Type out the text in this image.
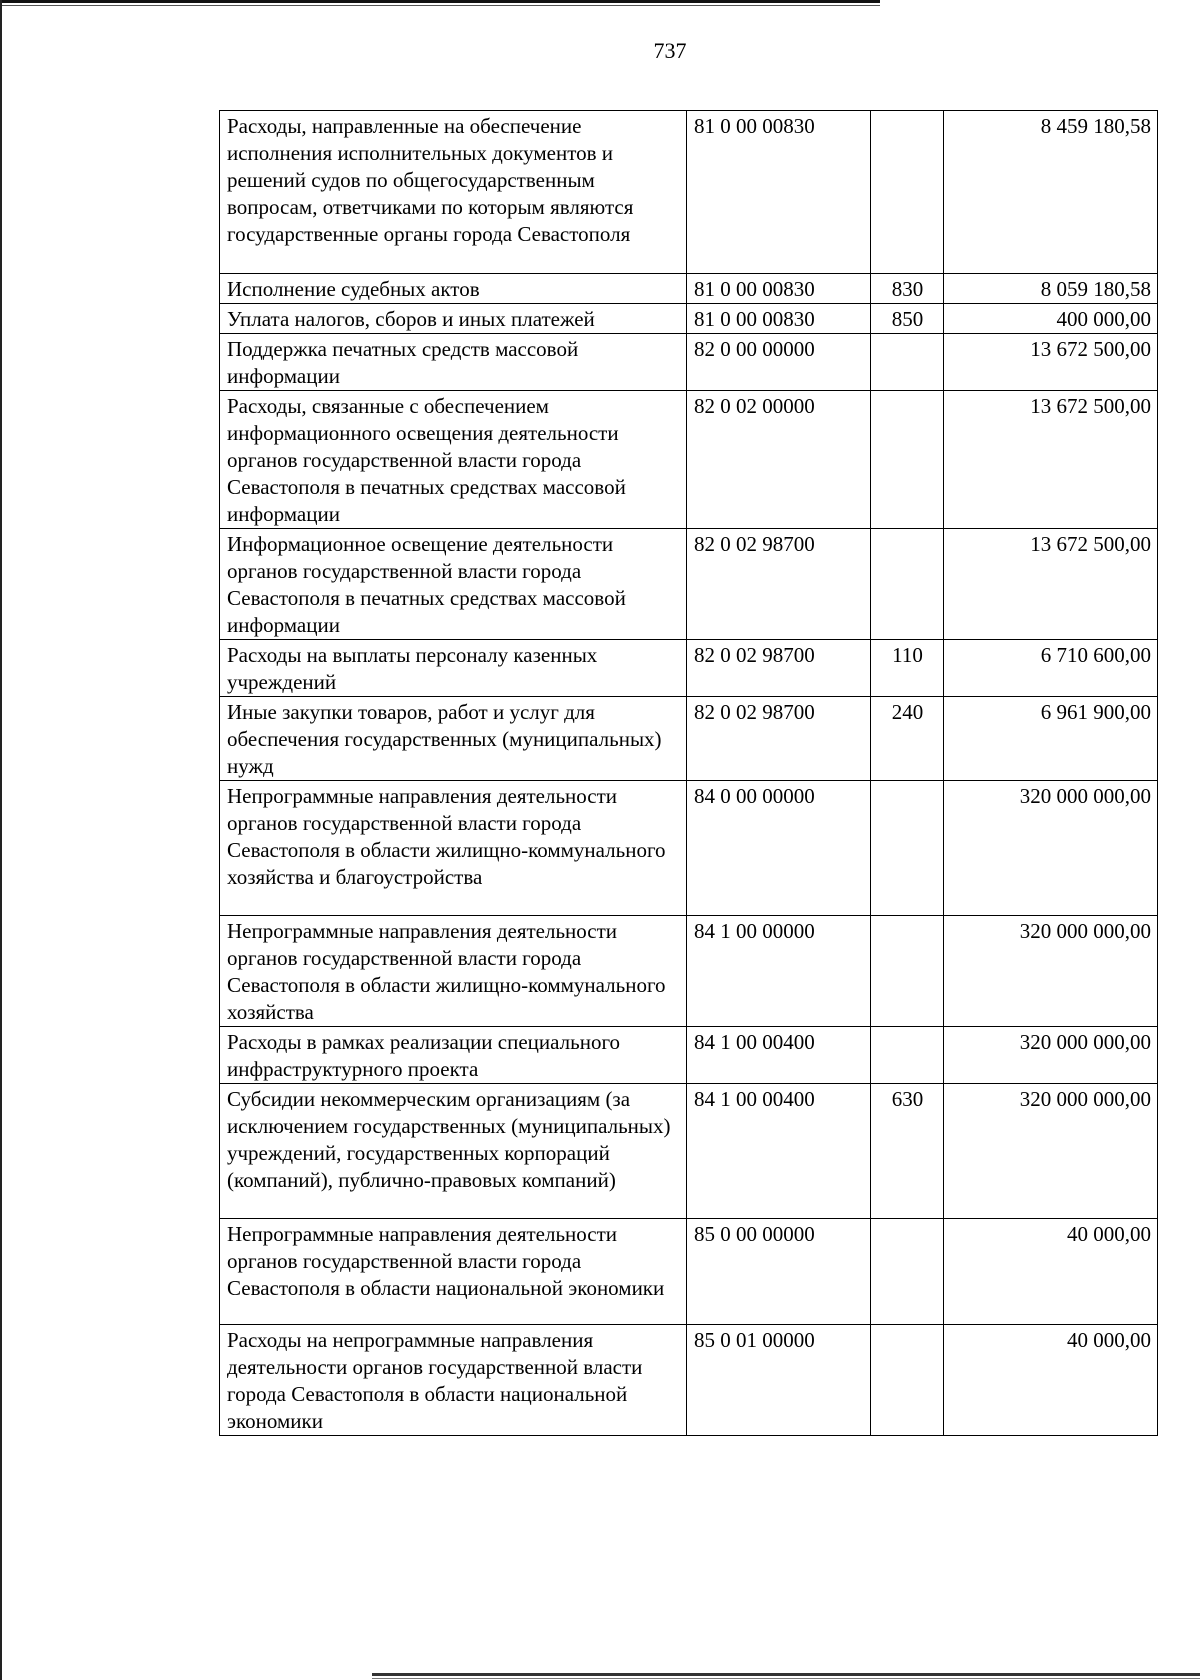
737
Расходы, направленные на обеспечение исполнения исполнительных документов и решений судов по общегосударственным вопросам, ответчиками по которым являются государственные органы города Севастополя	81 0 00 00830		8 459 180,58
Исполнение судебных актов	81 0 00 00830	830	8 059 180,58
Уплата налогов, сборов и иных платежей	81 0 00 00830	850	400 000,00
Поддержка печатных средств массовой информации	82 0 00 00000		13 672 500,00
Расходы, связанные с обеспечением информационного освещения деятельности органов государственной власти города Севастополя в печатных средствах массовой информации	82 0 02 00000		13 672 500,00
Информационное освещение деятельности органов государственной власти города Севастополя в печатных средствах массовой информации	82 0 02 98700		13 672 500,00
Расходы на выплаты персоналу казенных учреждений	82 0 02 98700	110	6 710 600,00
Иные закупки товаров, работ и услуг для обеспечения государственных (муниципальных) нужд	82 0 02 98700	240	6 961 900,00
Непрограммные направления деятельности органов государственной власти города Севастополя в области жилищно-коммунального хозяйства и благоустройства	84 0 00 00000		320 000 000,00
Непрограммные направления деятельности органов государственной власти города Севастополя в области жилищно-коммунального хозяйства	84 1 00 00000		320 000 000,00
Расходы в рамках реализации специального инфраструктурного проекта	84 1 00 00400		320 000 000,00
Субсидии некоммерческим организациям (за исключением государственных (муниципальных) учреждений, государственных корпораций (компаний), публично-правовых компаний)	84 1 00 00400	630	320 000 000,00
Непрограммные направления деятельности органов государственной власти города Севастополя в области национальной экономики	85 0 00 00000		40 000,00
Расходы на непрограммные направления деятельности органов государственной власти города Севастополя в области национальной экономики	85 0 01 00000		40 000,00
